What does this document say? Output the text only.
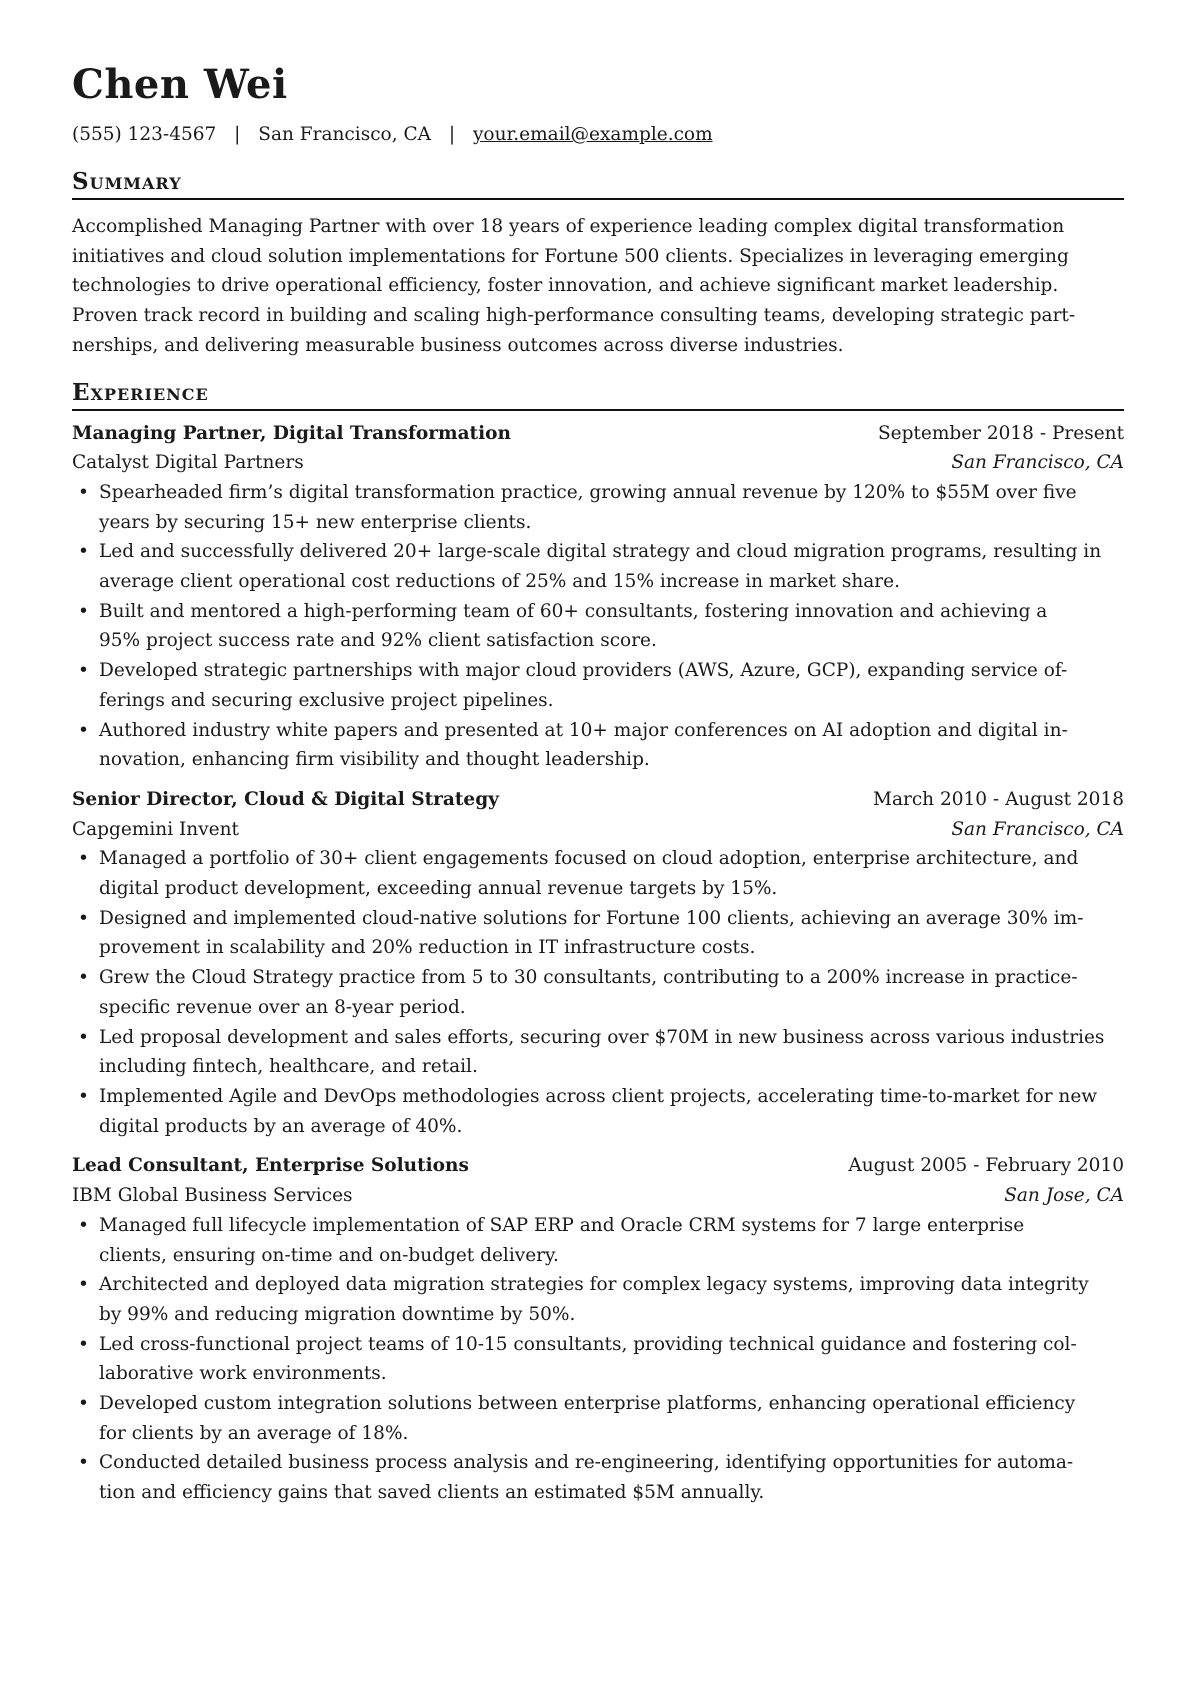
Chen Wei
(555) 123-4567 | San Francisco, CA | your.email@example.com
Summary
Accomplished Managing Partner with over 18 years of experience leading complex digital transformation
initiatives and cloud solution implementations for Fortune 500 clients. Specializes in leveraging emerging
technologies to drive operational efficiency, foster innovation, and achieve significant market leadership.
Proven track record in building and scaling high-performance consulting teams, developing strategic part-
nerships, and delivering measurable business outcomes across diverse industries.
Experience
Managing Partner, Digital Transformation	September 2018 - Present
Catalyst Digital Partners	San Francisco, CA
• Spearheaded firm’s digital transformation practice, growing annual revenue by 120% to $55M over five
years by securing 15+ new enterprise clients.
• Led and successfully delivered 20+ large-scale digital strategy and cloud migration programs, resulting in
average client operational cost reductions of 25% and 15% increase in market share.
• Built and mentored a high-performing team of 60+ consultants, fostering innovation and achieving a
95% project success rate and 92% client satisfaction score.
• Developed strategic partnerships with major cloud providers (AWS, Azure, GCP), expanding service of-
ferings and securing exclusive project pipelines.
• Authored industry white papers and presented at 10+ major conferences on AI adoption and digital in-
novation, enhancing firm visibility and thought leadership.
Senior Director, Cloud & Digital Strategy	March 2010 - August 2018
Capgemini Invent	San Francisco, CA
• Managed a portfolio of 30+ client engagements focused on cloud adoption, enterprise architecture, and
digital product development, exceeding annual revenue targets by 15%.
• Designed and implemented cloud-native solutions for Fortune 100 clients, achieving an average 30% im-
provement in scalability and 20% reduction in IT infrastructure costs.
• Grew the Cloud Strategy practice from 5 to 30 consultants, contributing to a 200% increase in practice-
specific revenue over an 8-year period.
• Led proposal development and sales efforts, securing over $70M in new business across various industries
including fintech, healthcare, and retail.
• Implemented Agile and DevOps methodologies across client projects, accelerating time-to-market for new
digital products by an average of 40%.
Lead Consultant, Enterprise Solutions	August 2005 - February 2010
IBM Global Business Services	San Jose, CA
• Managed full lifecycle implementation of SAP ERP and Oracle CRM systems for 7 large enterprise
clients, ensuring on-time and on-budget delivery.
• Architected and deployed data migration strategies for complex legacy systems, improving data integrity
by 99% and reducing migration downtime by 50%.
• Led cross-functional project teams of 10-15 consultants, providing technical guidance and fostering col-
laborative work environments.
• Developed custom integration solutions between enterprise platforms, enhancing operational efficiency
for clients by an average of 18%.
• Conducted detailed business process analysis and re-engineering, identifying opportunities for automa-
tion and efficiency gains that saved clients an estimated $5M annually.
